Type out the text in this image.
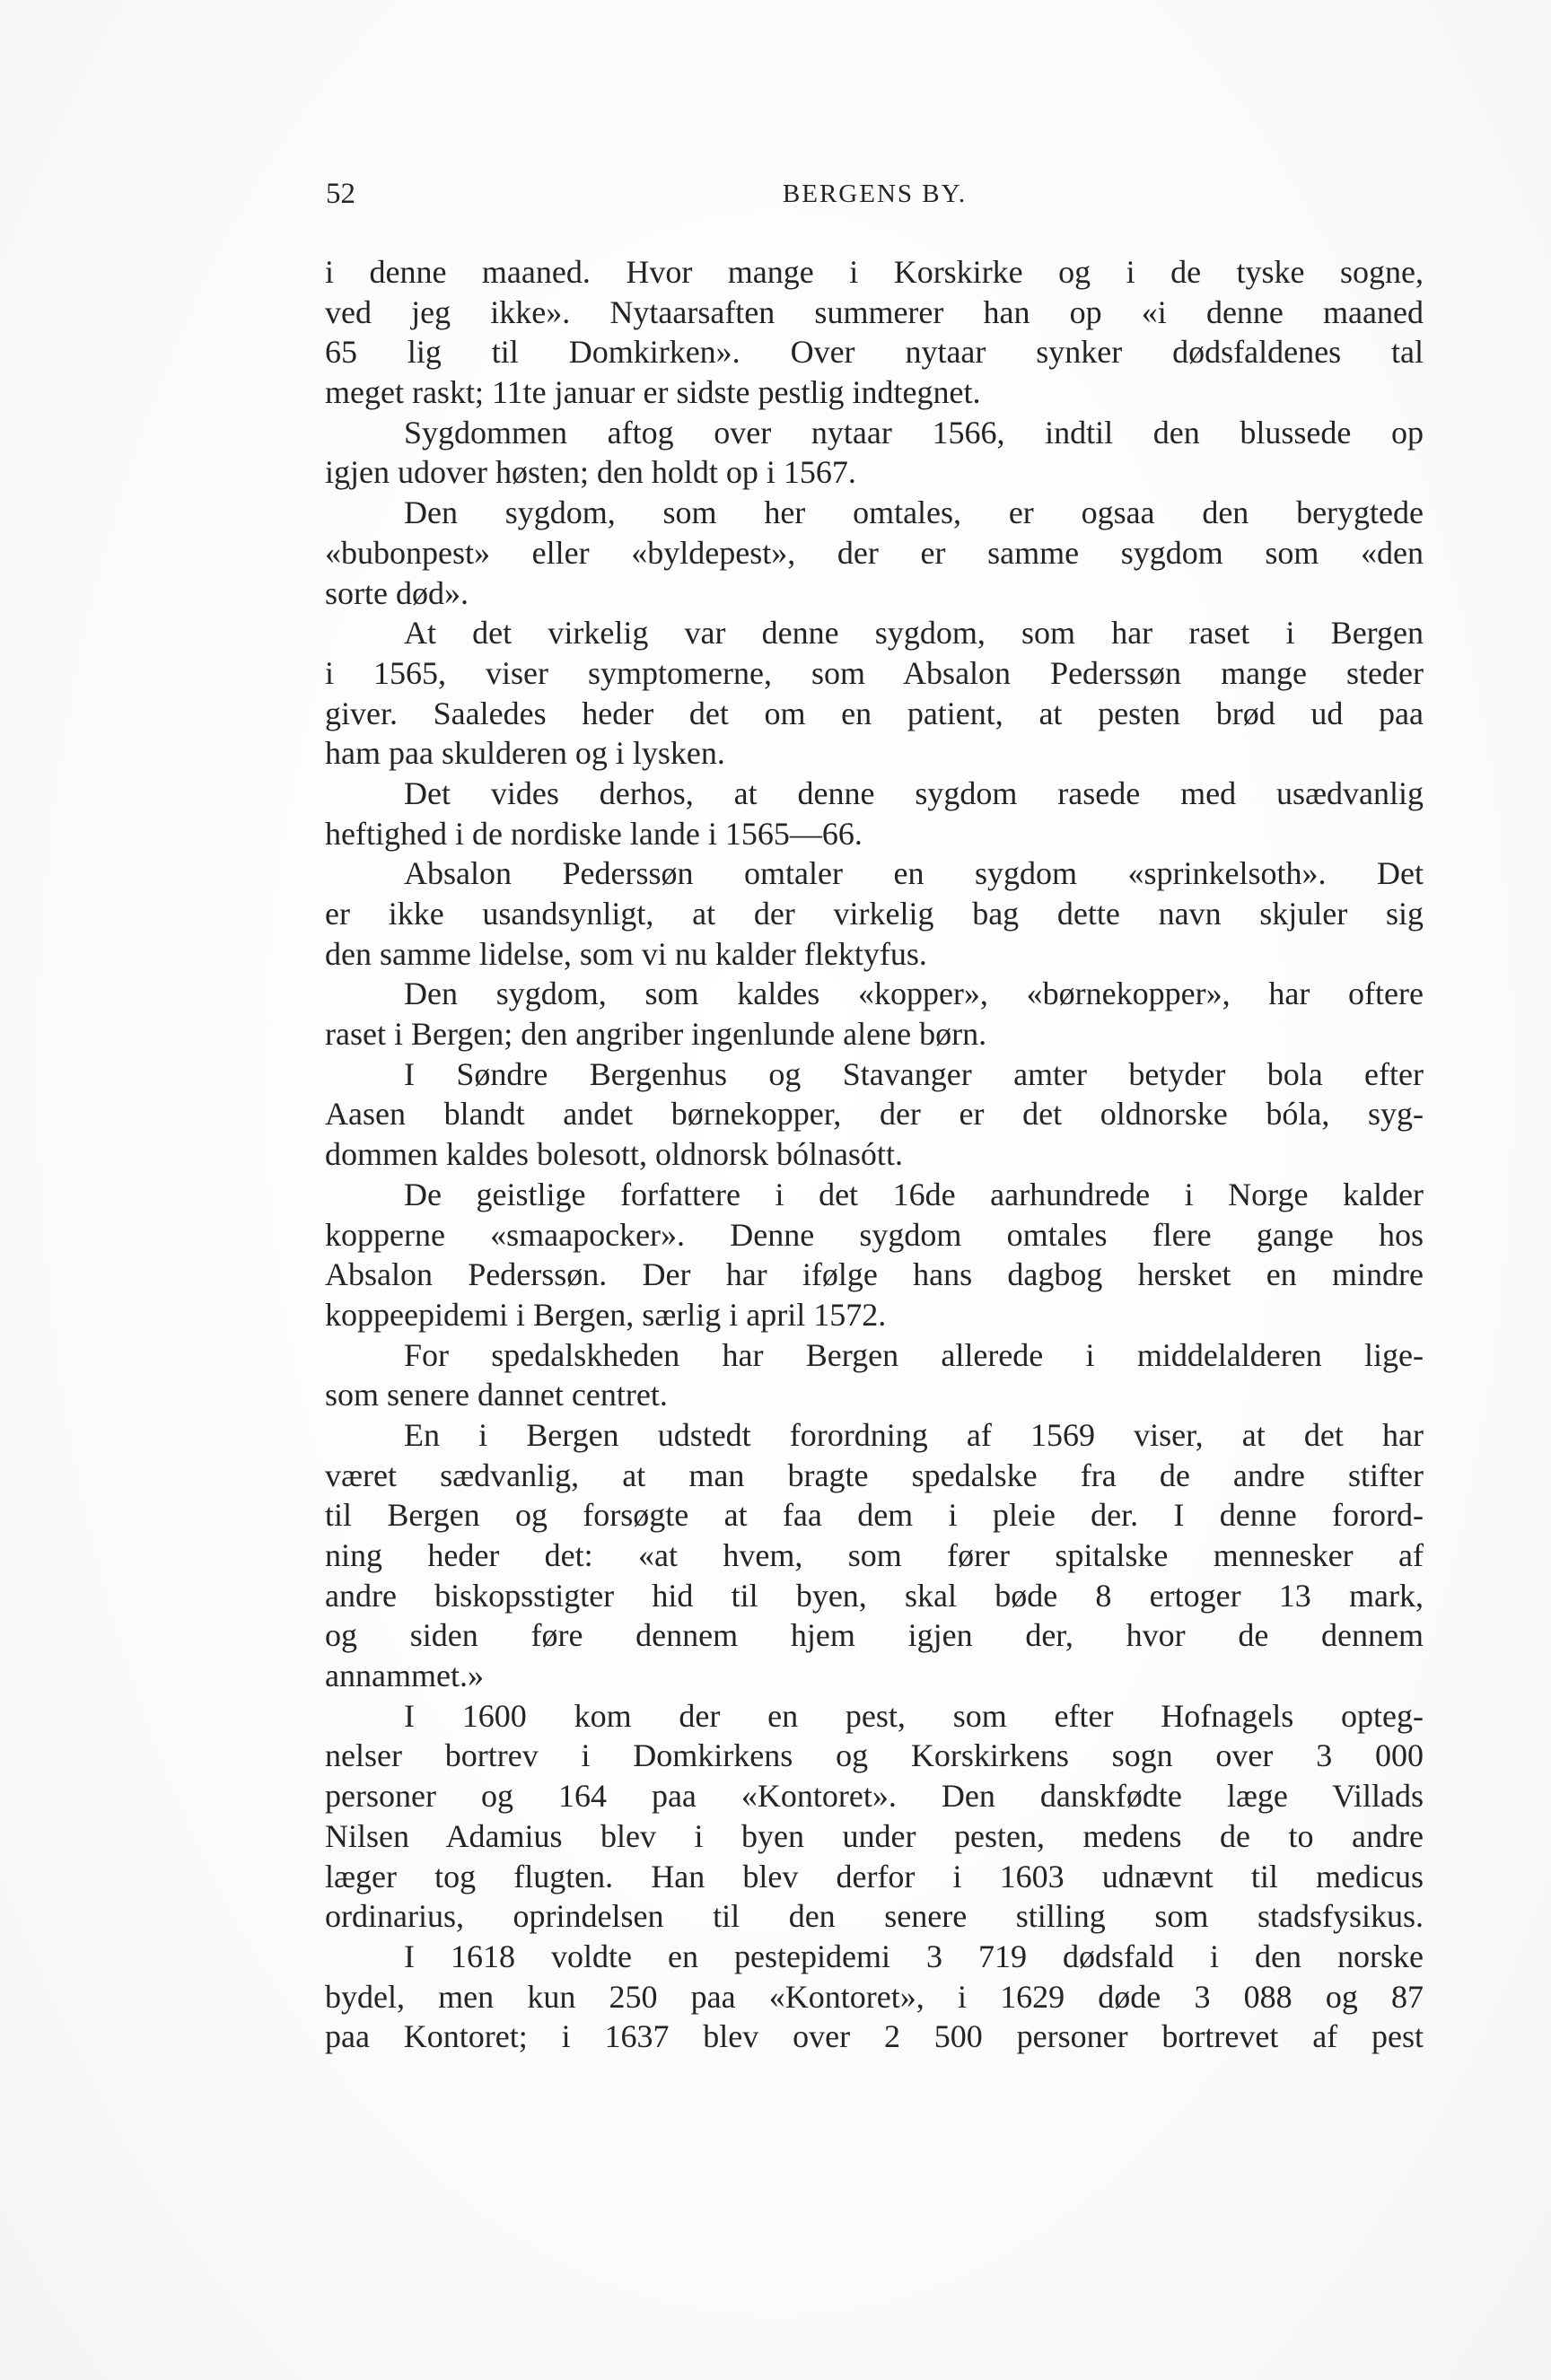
52	BERGENS BY.
i denne maaned. Hvor mange i Korskirke og i de tyske sogne,
ved jeg ikke». Nytaarsaften summerer han op «i denne maaned
65 lig til Domkirken». Over nytaar synker dødsfaldenes tal
meget raskt; 11te januar er sidste pestlig indtegnet.
Sygdommen aftog over nytaar 1566, indtil den blussede op
igjen udover høsten; den holdt op i 1567.
Den sygdom, som her omtales, er ogsaa den berygtede
«bubonpest» eller «byldepest», der er samme sygdom som «den
sorte død».
At det virkelig var denne sygdom, som har raset i Bergen
i 1565, viser symptomerne, som Absalon Pederssøn mange steder
giver. Saaledes heder det om en patient, at pesten brød ud paa
ham paa skulderen og i lysken.
Det vides derhos, at denne sygdom rasede med usædvanlig
heftighed i de nordiske lande i 1565—66.
Absalon Pederssøn omtaler en sygdom «sprinkelsoth». Det
er ikke usandsynligt, at der virkelig bag dette navn skjuler sig
den samme lidelse, som vi nu kalder flektyfus.
Den sygdom, som kaldes «kopper», «børnekopper», har oftere
raset i Bergen; den angriber ingenlunde alene børn.
I Søndre Bergenhus og Stavanger amter betyder bola efter
Aasen blandt andet børnekopper, der er det oldnorske bóla, syg-
dommen kaldes bolesott, oldnorsk bólnasótt.
De geistlige forfattere i det 16de aarhundrede i Norge kalder
kopperne «smaapocker». Denne sygdom omtales flere gange hos
Absalon Pederssøn. Der har ifølge hans dagbog hersket en mindre
koppeepidemi i Bergen, særlig i april 1572.
For spedalskheden har Bergen allerede i middelalderen lige-
som senere dannet centret.
En i Bergen udstedt forordning af 1569 viser, at det har
været sædvanlig, at man bragte spedalske fra de andre stifter
til Bergen og forsøgte at faa dem i pleie der. I denne forord-
ning heder det: «at hvem, som fører spitalske mennesker af
andre biskopsstigter hid til byen, skal bøde 8 ertoger 13 mark,
og siden føre dennem hjem igjen der, hvor de dennem
annammet.»
I 1600 kom der en pest, som efter Hofnagels opteg-
nelser bortrev i Domkirkens og Korskirkens sogn over 3 000
personer og 164 paa «Kontoret». Den danskfødte læge Villads
Nilsen Adamius blev i byen under pesten, medens de to andre
læger tog flugten. Han blev derfor i 1603 udnævnt til medicus
ordinarius, oprindelsen til den senere stilling som stadsfysikus.
I 1618 voldte en pestepidemi 3 719 dødsfald i den norske
bydel, men kun 250 paa «Kontoret», i 1629 døde 3 088 og 87
paa Kontoret; i 1637 blev over 2 500 personer bortrevet af pest
